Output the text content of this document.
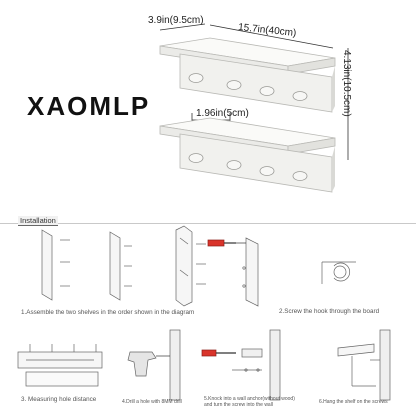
XAOMLP
3.9in(9.5cm)
15.7in(40cm)
4.13in(10.5cm)
1.96in(5cm)
Installation
1.Assemble the two shelves in the order shown in the diagram	2.Screw the hook through the board
3. Measuring hole distance	4.Drill a hole with 8MM drill	5.Knock into a wall anchor(without wood)
and turn the screw into the wall	6.Hang the shelf on the screws
